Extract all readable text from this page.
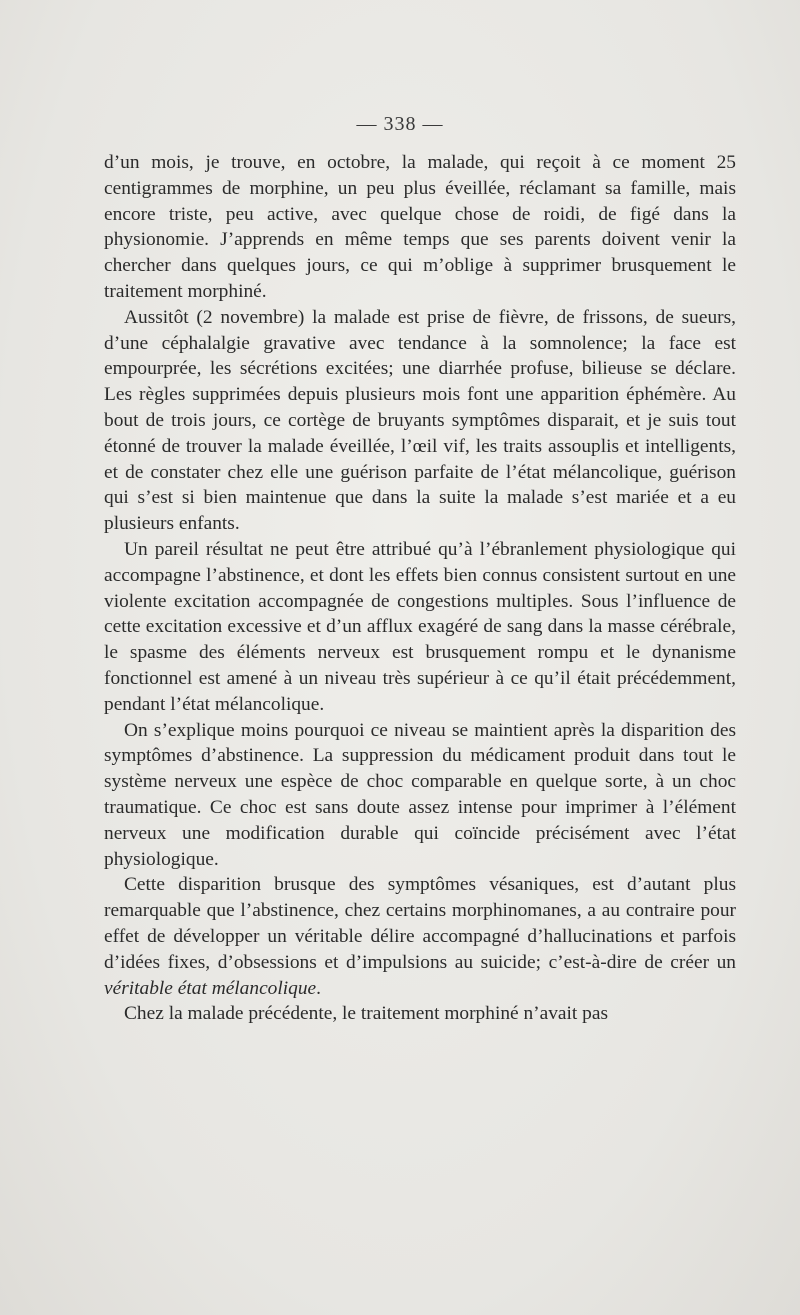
— 338 —

d’un mois, je trouve, en octobre, la malade, qui reçoit à ce moment 25 centigrammes de morphine, un peu plus éveillée, réclamant sa famille, mais encore triste, peu active, avec quelque chose de roidi, de figé dans la physionomie. J’apprends en même temps que ses parents doivent venir la chercher dans quelques jours, ce qui m’oblige à supprimer brusquement le traitement morphiné.

Aussitôt (2 novembre) la malade est prise de fièvre, de frissons, de sueurs, d’une céphalalgie gravative avec tendance à la somnolence; la face est empourprée, les sécrétions excitées; une diarrhée profuse, bilieuse se déclare. Les règles supprimées depuis plusieurs mois font une apparition éphémère. Au bout de trois jours, ce cortège de bruyants symptômes disparait, et je suis tout étonné de trouver la malade éveillée, l’œil vif, les traits assouplis et intelligents, et de constater chez elle une guérison parfaite de l’état mélancolique, guérison qui s’est si bien maintenue que dans la suite la malade s’est mariée et a eu plusieurs enfants.

Un pareil résultat ne peut être attribué qu’à l’ébranlement physiologique qui accompagne l’abstinence, et dont les effets bien connus consistent surtout en une violente excitation accompagnée de congestions multiples. Sous l’influence de cette excitation excessive et d’un afflux exagéré de sang dans la masse cérébrale, le spasme des éléments nerveux est brusquement rompu et le dynanisme fonctionnel est amené à un niveau très supérieur à ce qu’il était précédemment, pendant l’état mélancolique.

On s’explique moins pourquoi ce niveau se maintient après la disparition des symptômes d’abstinence. La suppression du médicament produit dans tout le système nerveux une espèce de choc comparable en quelque sorte, à un choc traumatique. Ce choc est sans doute assez intense pour imprimer à l’élément nerveux une modification durable qui coïncide précisément avec l’état physiologique.

Cette disparition brusque des symptômes vésaniques, est d’autant plus remarquable que l’abstinence, chez certains morphinomanes, a au contraire pour effet de développer un véritable délire accompagné d’hallucinations et parfois d’idées fixes, d’obsessions et d’impulsions au suicide; c’est-à-dire de créer un véritable état mélancolique.

Chez la malade précédente, le traitement morphiné n’avait pas
